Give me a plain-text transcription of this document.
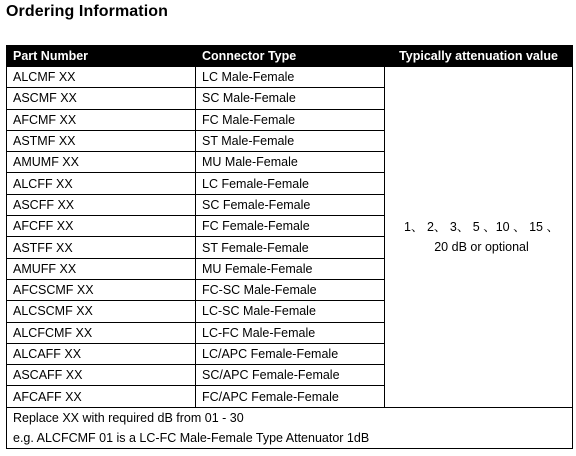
Ordering Information
Part Number	Connector Type	Typically attenuation value
ALCMF XX	LC Male-Female	1、 2、 3、 5 、10 、 15 、
20 dB or optional

ASCMF XX	SC Male-Female	
AFCMF XX	FC Male-Female	
ASTMF XX	ST Male-Female	
AMUMF XX	MU Male-Female	
ALCFF XX	LC Female-Female	
ASCFF XX	SC Female-Female	
AFCFF XX	FC Female-Female	
ASTFF XX	ST Female-Female	
AMUFF XX	MU Female-Female	
AFCSCMF XX	FC-SC Male-Female	
ALCSCMF XX	LC-SC Male-Female	
ALCFCMF XX	LC-FC Male-Female	
ALCAFF XX	LC/APC Female-Female	
ASCAFF XX	SC/APC Female-Female	
AFCAFF XX	FC/APC Female-Female	

Replace XX with required dB from 01 - 30
e.g. ALCFCMF 01 is a LC-FC Male-Female Type Attenuator 1dB		
